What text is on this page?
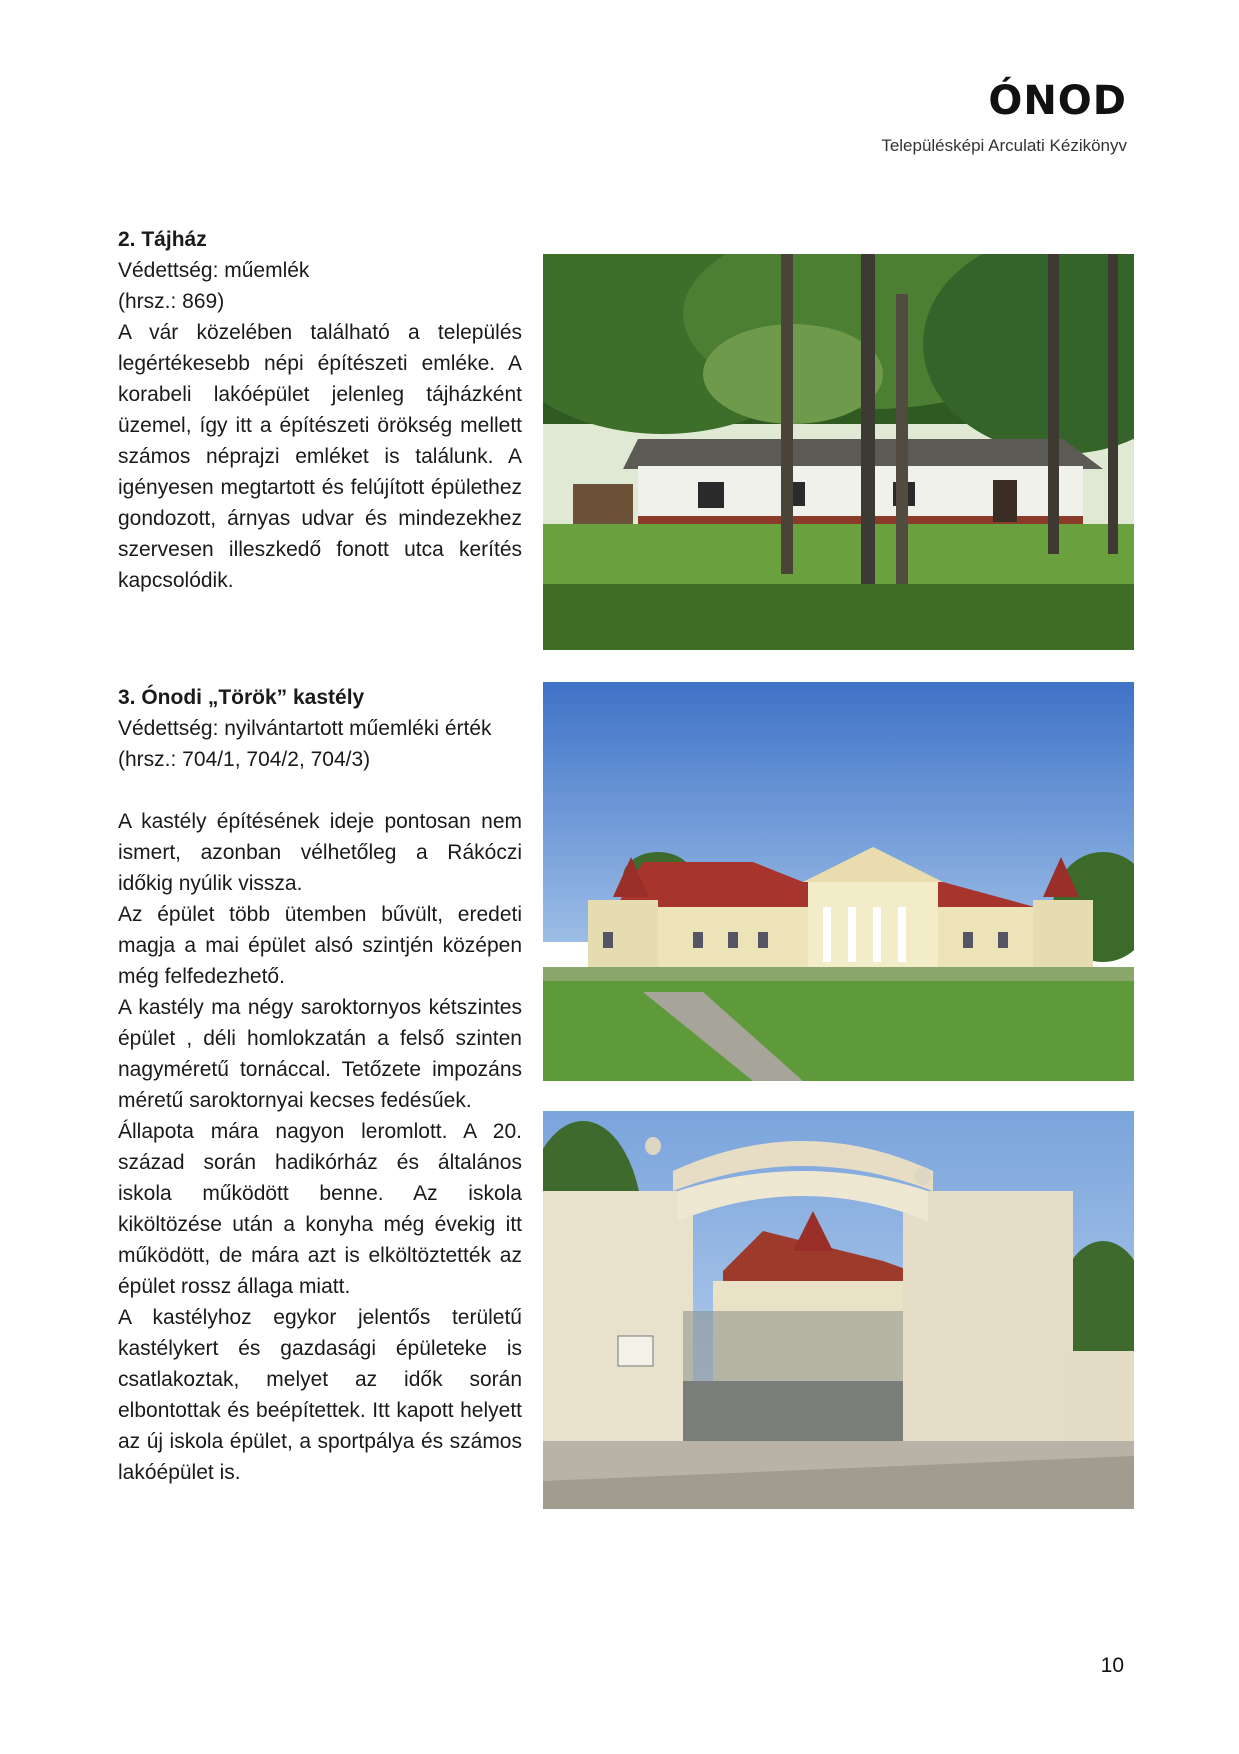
ÓNOD
Településképi Arculati Kézikönyv

2. Tájház

Védettség: műemlék

(hrsz.: 869)

A vár közelében található a település legértékesebb népi építészeti emléke. A korabeli lakóépület jelenleg tájházként üzemel, így itt a építészeti örökség mellett számos néprajzi emléket is találunk. A igényesen megtartott és felújított épülethez gondozott, árnyas udvar és mindezekhez szervesen illeszkedő fonott utca kerítés kapcsolódik.

3. Ónodi „Török” kastély

Védettség: nyilvántartott műemléki érték

(hrsz.: 704/1, 704/2, 704/3)

A kastély építésének ideje pontosan nem ismert, azonban vélhetőleg a Rákóczi időkig nyúlik vissza.

Az épület több ütemben bűvült, eredeti magja a mai épület alsó szintjén középen még felfedezhető.

A kastély ma négy saroktornyos kétszintes épület , déli homlokzatán a felső szinten nagyméretű tornáccal. Tetőzete impozáns méretű saroktornyai kecses fedésűek.

Állapota mára nagyon leromlott. A 20. század során hadikórház és általános iskola működött benne. Az iskola kiköltözése után a konyha még évekig itt működött, de mára azt is elköltöztették az épület rossz állaga miatt.

A kastélyhoz egykor jelentős területű kastélykert és gazdasági épületeke is csatlakoztak, melyet az idők során elbontottak és beépítettek. Itt kapott helyett az új iskola épület, a sportpálya és számos lakóépület is.

10
